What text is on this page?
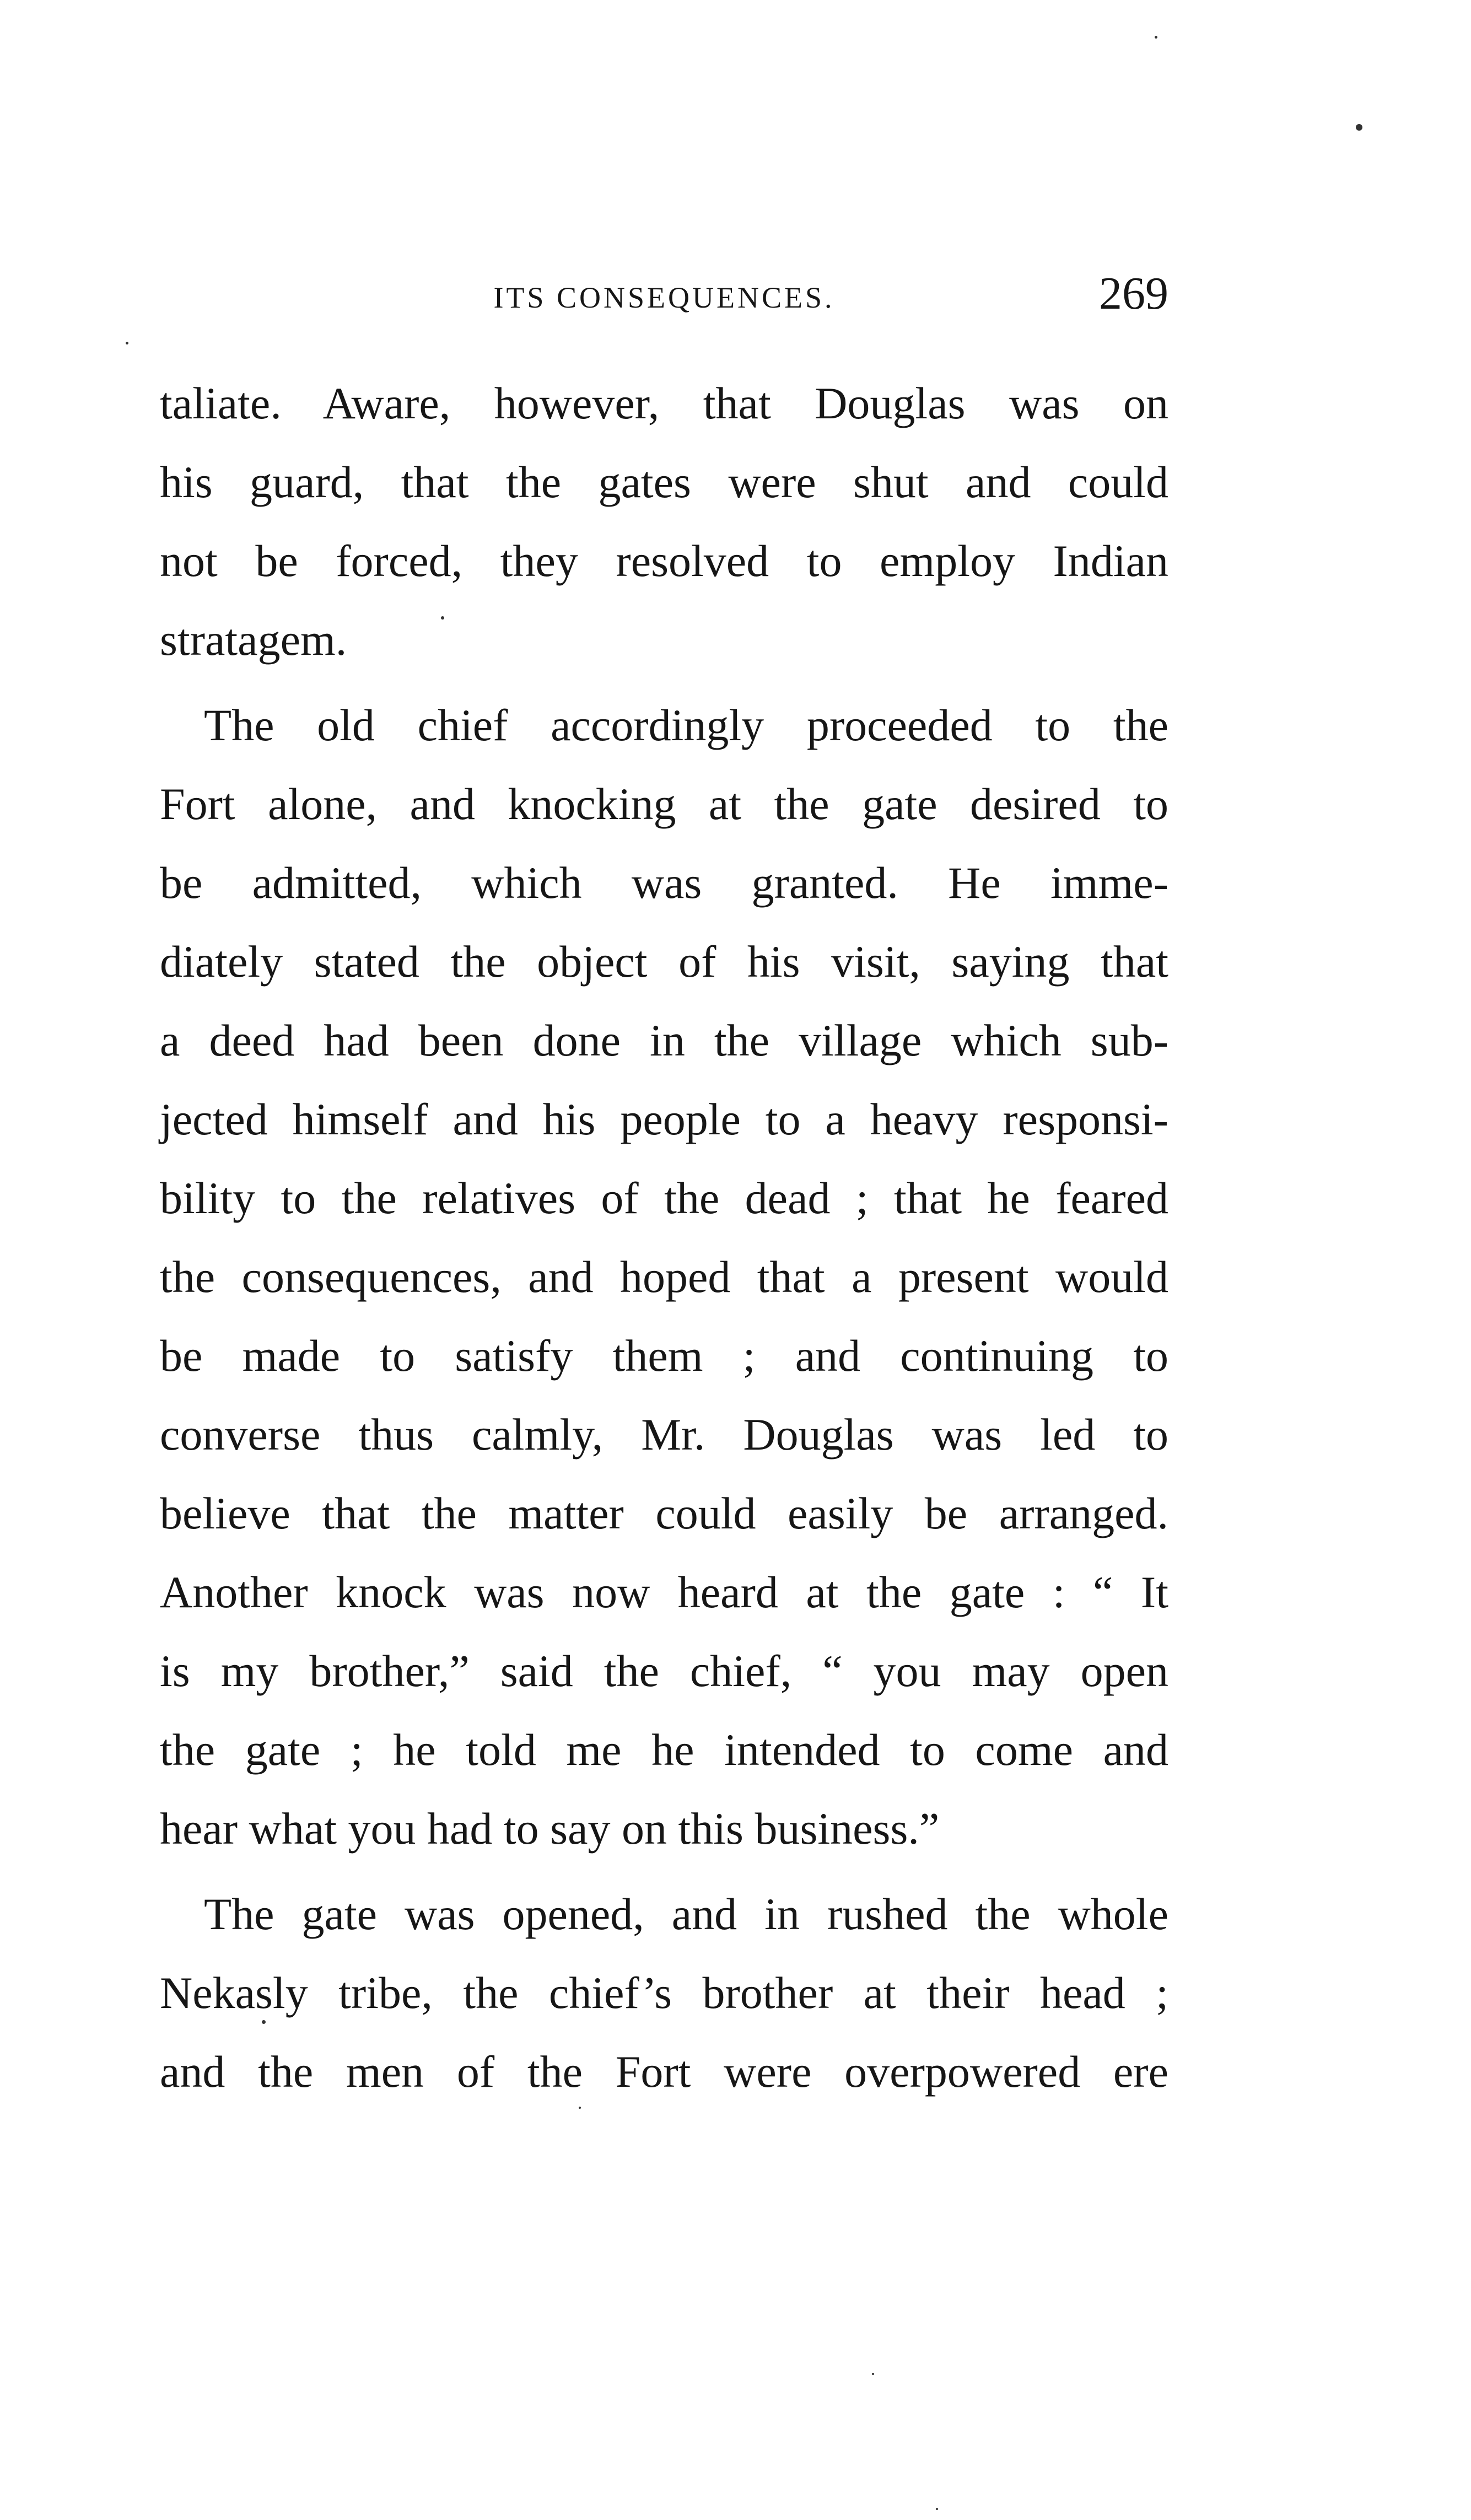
ITS CONSEQUENCES.	269
taliate. Aware, however, that Douglas was on
his guard, that the gates were shut and could
not be forced, they resolved to employ Indian
stratagem.
The old chief accordingly proceeded to the
Fort alone, and knocking at the gate desired to
be admitted, which was granted. He imme-
diately stated the object of his visit, saying that
a deed had been done in the village which sub-
jected himself and his people to a heavy responsi-
bility to the relatives of the dead ; that he feared
the consequences, and hoped that a present would
be made to satisfy them ; and continuing to
converse thus calmly, Mr. Douglas was led to
believe that the matter could easily be arranged.
Another knock was now heard at the gate : “ It
is my brother,” said the chief, “ you may open
the gate ; he told me he intended to come and
hear what you had to say on this business.”
The gate was opened, and in rushed the whole
Nekasly tribe, the chief’s brother at their head ;
and the men of the Fort were overpowered ere
